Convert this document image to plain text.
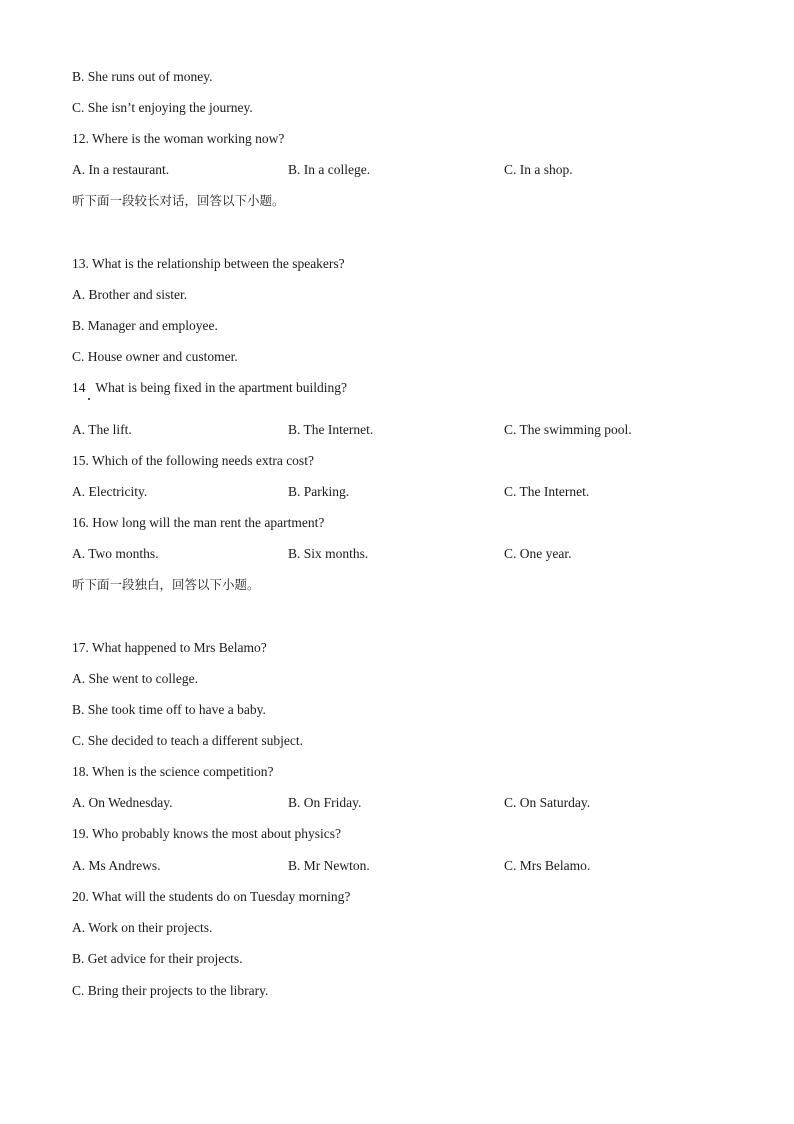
B. She runs out of money.
C. She isn’t enjoying the journey.
12. Where is the woman working now?
A. In a restaurant.	B. In a college.	C. In a shop.
听下面一段较长对话，回答以下小题。
13. What is the relationship between the speakers?
A. Brother and sister.
B. Manager and employee.
C. House owner and customer.
14   What is being fixed in the apartment building?
A. The lift.	B. The Internet.	C. The swimming pool.
15. Which of the following needs extra cost?
A. Electricity.	B. Parking.	C. The Internet.
16. How long will the man rent the apartment?
A. Two months.	B. Six months.	C. One year.
听下面一段独白，回答以下小题。
17. What happened to Mrs Belamo?
A. She went to college.
B. She took time off to have a baby.
C. She decided to teach a different subject.
18. When is the science competition?
A. On Wednesday.	B. On Friday.	C. On Saturday.
19. Who probably knows the most about physics?
A. Ms Andrews.	B. Mr Newton.	C. Mrs Belamo.
20. What will the students do on Tuesday morning?
A. Work on their projects.
B. Get advice for their projects.
C. Bring their projects to the library.
